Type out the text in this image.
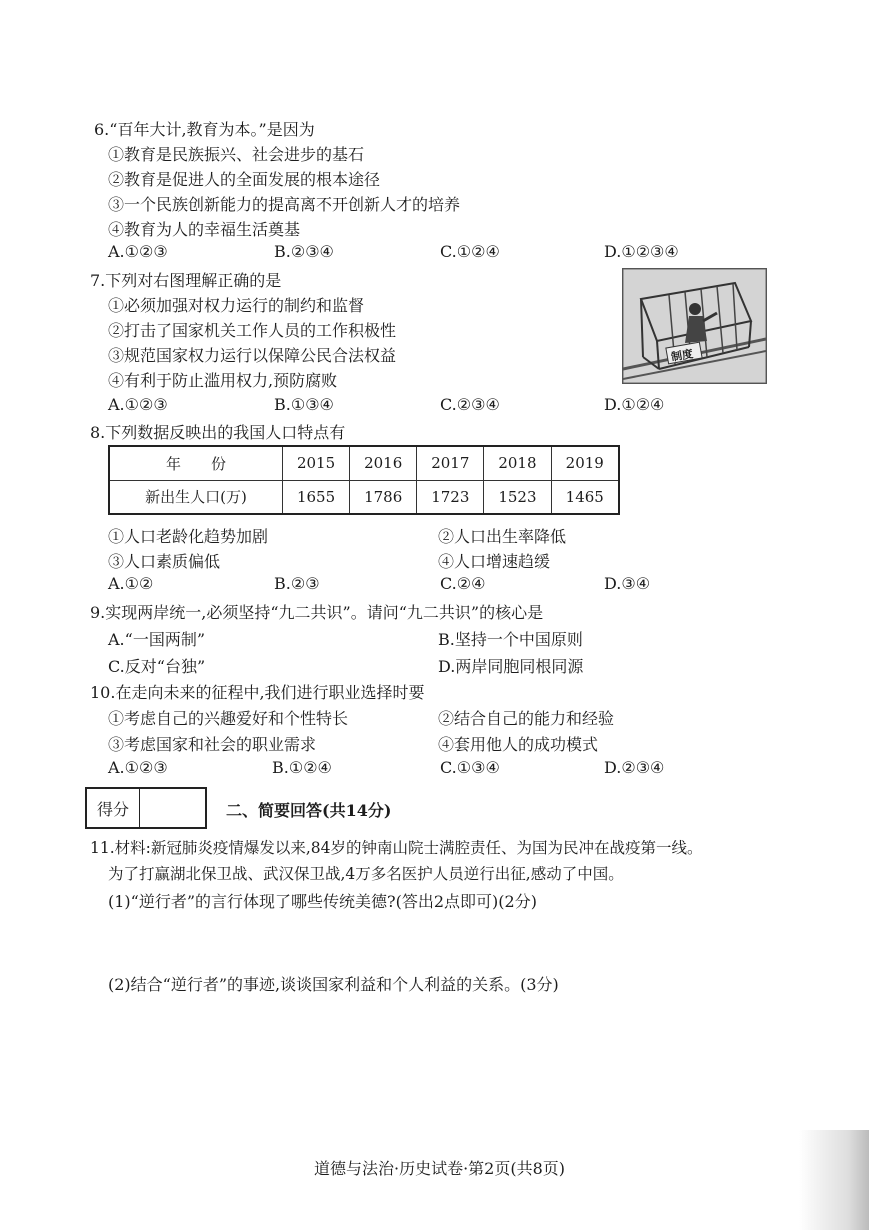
6.“百年大计,教育为本。”是因为
①教育是民族振兴、社会进步的基石
②教育是促进人的全面发展的根本途径
③一个民族创新能力的提高离不开创新人才的培养
④教育为人的幸福生活奠基
A.①②③	B.②③④	C.①②④	D.①②③④
7.下列对右图理解正确的是
①必须加强对权力运行的制约和监督
②打击了国家机关工作人员的工作积极性
③规范国家权力运行以保障公民合法权益
④有利于防止滥用权力,预防腐败
A.①②③	B.①③④	C.②③④	D.①②④
制度
8.下列数据反映出的我国人口特点有
年　　份	2015	2016	2017	2018	2019
新出生人口(万)	1655	1786	1723	1523	1465
①人口老龄化趋势加剧	②人口出生率降低
③人口素质偏低	④人口增速趋缓
A.①②	B.②③	C.②④	D.③④
9.实现两岸统一,必须坚持“九二共识”。请问“九二共识”的核心是
A.“一国两制”	B.坚持一个中国原则
C.反对“台独”	D.两岸同胞同根同源
10.在走向未来的征程中,我们进行职业选择时要
①考虑自己的兴趣爱好和个性特长	②结合自己的能力和经验
③考虑国家和社会的职业需求	④套用他人的成功模式
A.①②③	B.①②④	C.①③④	D.②③④
得分	二、简要回答(共14分)
11.材料:新冠肺炎疫情爆发以来,84岁的钟南山院士满腔责任、为国为民冲在战疫第一线。
为了打赢湖北保卫战、武汉保卫战,4万多名医护人员逆行出征,感动了中国。
(1)“逆行者”的言行体现了哪些传统美德?(答出2点即可)(2分)
(2)结合“逆行者”的事迹,谈谈国家利益和个人利益的关系。(3分)
道德与法治·历史试卷·第2页(共8页)
